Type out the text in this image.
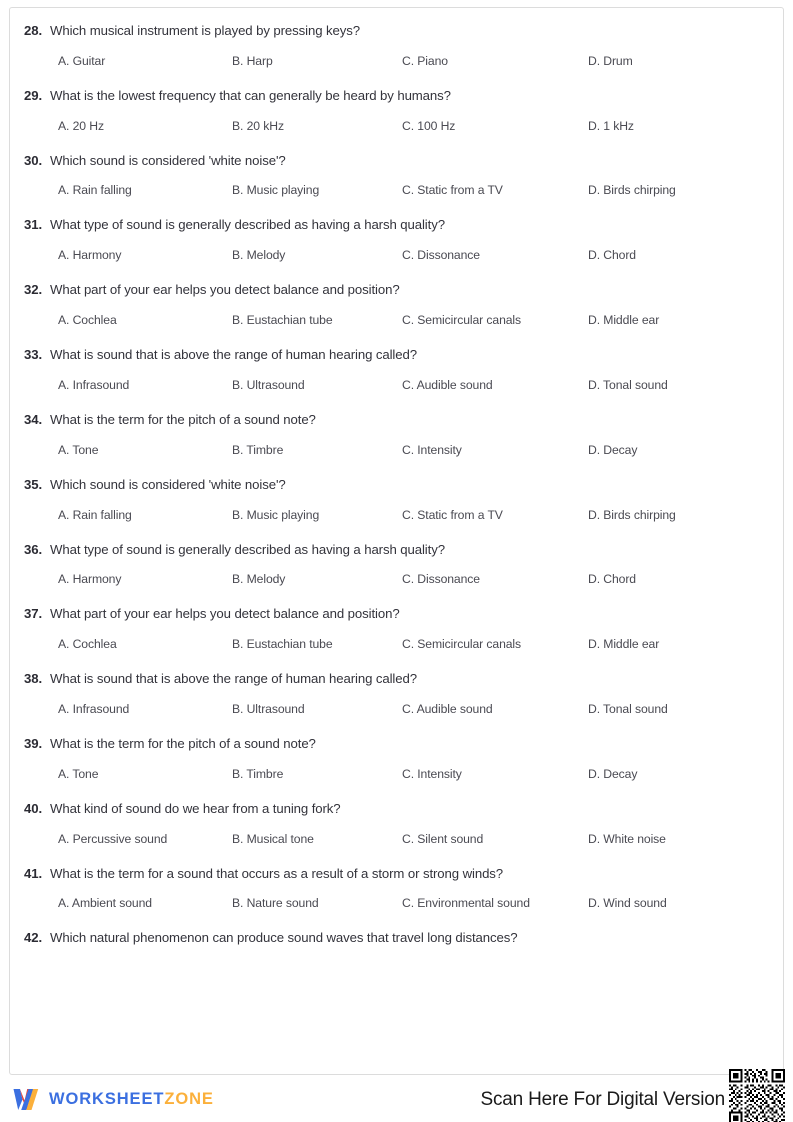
28. Which musical instrument is played by pressing keys?
A. Guitar	B. Harp	C. Piano	D. Drum
29. What is the lowest frequency that can generally be heard by humans?
A. 20 Hz	B. 20 kHz	C. 100 Hz	D. 1 kHz
30. Which sound is considered 'white noise'?
A. Rain falling	B. Music playing	C. Static from a TV	D. Birds chirping
31. What type of sound is generally described as having a harsh quality?
A. Harmony	B. Melody	C. Dissonance	D. Chord
32. What part of your ear helps you detect balance and position?
A. Cochlea	B. Eustachian tube	C. Semicircular canals	D. Middle ear
33. What is sound that is above the range of human hearing called?
A. Infrasound	B. Ultrasound	C. Audible sound	D. Tonal sound
34. What is the term for the pitch of a sound note?
A. Tone	B. Timbre	C. Intensity	D. Decay
35. Which sound is considered 'white noise'?
A. Rain falling	B. Music playing	C. Static from a TV	D. Birds chirping
36. What type of sound is generally described as having a harsh quality?
A. Harmony	B. Melody	C. Dissonance	D. Chord
37. What part of your ear helps you detect balance and position?
A. Cochlea	B. Eustachian tube	C. Semicircular canals	D. Middle ear
38. What is sound that is above the range of human hearing called?
A. Infrasound	B. Ultrasound	C. Audible sound	D. Tonal sound
39. What is the term for the pitch of a sound note?
A. Tone	B. Timbre	C. Intensity	D. Decay
40. What kind of sound do we hear from a tuning fork?
A. Percussive sound	B. Musical tone	C. Silent sound	D. White noise
41. What is the term for a sound that occurs as a result of a storm or strong winds?
A. Ambient sound	B. Nature sound	C. Environmental sound	D. Wind sound
42. Which natural phenomenon can produce sound waves that travel long distances?
WORKSHEETZONE	Scan Here For Digital Version
